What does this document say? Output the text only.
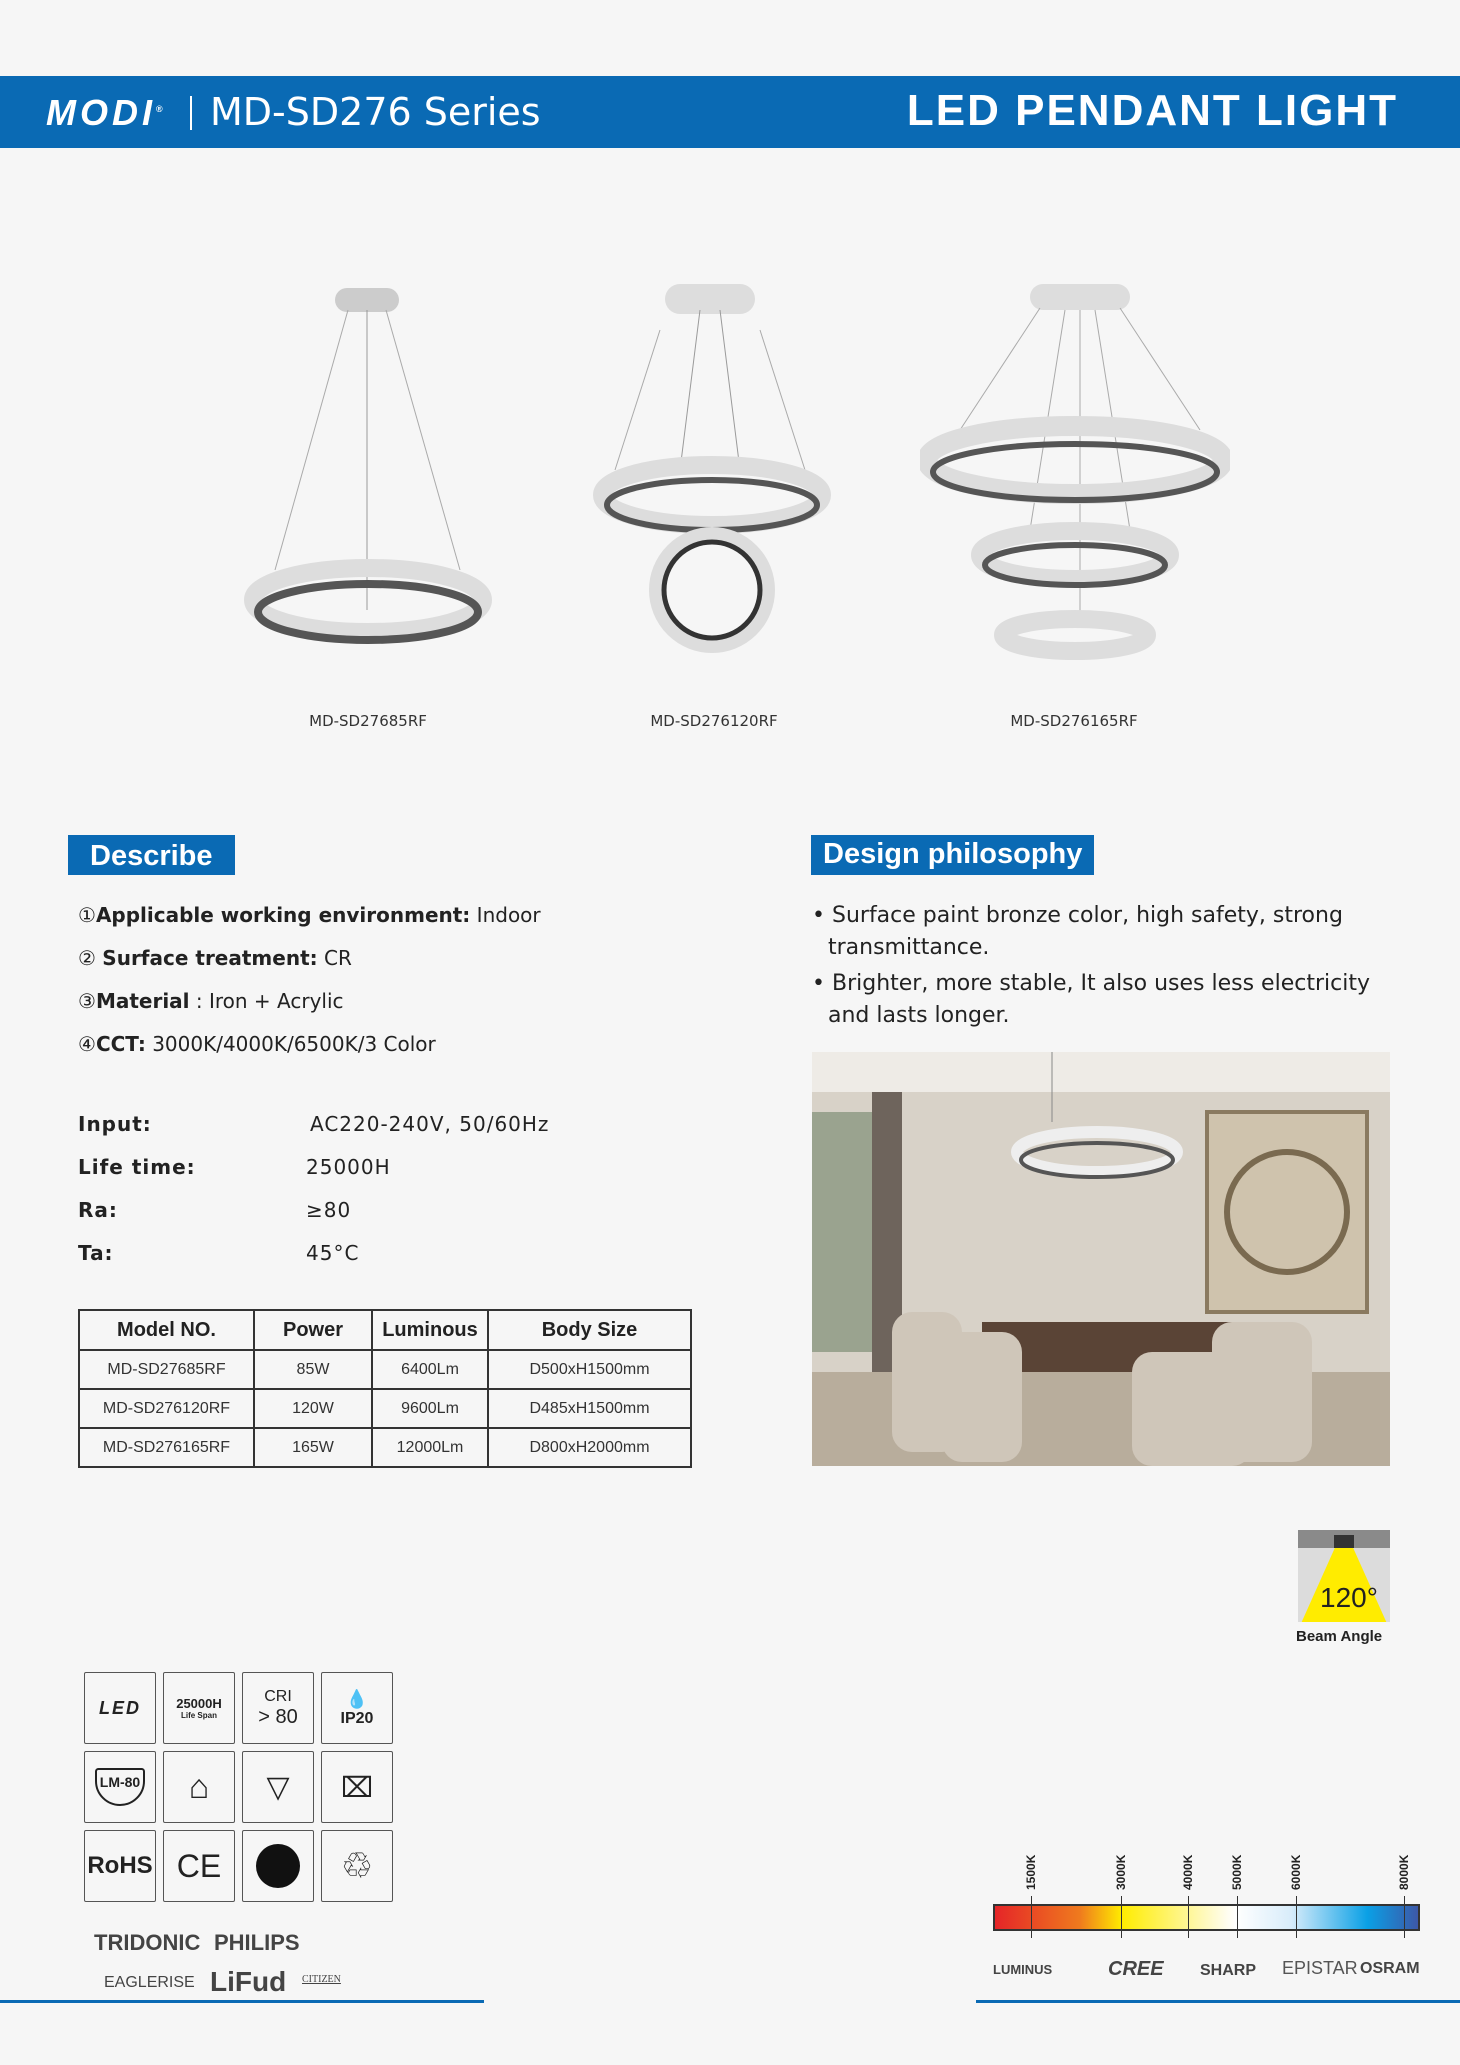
MODI® MD-SD276 Series	LED PENDANT LIGHT
MD-SD27685RF	MD-SD276120RF	MD-SD276165RF
Describe	Design philosophy
①Applicable working environment: Indoor
② Surface treatment: CR
③Material : Iron + Acrylic
④CCT: 3000K/4000K/6500K/3 Color
Input:	AC220-240V, 50/60Hz
Life time:	25000H
Ra:	≥80
Ta:	45°C
Model NO.	Power	Luminous	Body Size
MD-SD27685RF	85W	6400Lm	D500xH1500mm
MD-SD276120RF	120W	9600Lm	D485xH1500mm
MD-SD276165RF	165W	12000Lm	D800xH2000mm
• Surface paint bronze color, high safety, strong transmittance.
• Brighter, more stable, It also uses less electricity and lasts longer.
120°
Beam Angle
LED	25000H
Life Span
CRI
> 80
💧
IP20
LM-80 ⌂ ▽ ⌧
RoHS CE	♲
TRIDONIC PHILIPS
EAGLERISE LiFud CITIZEN
1500K	3000K	4000K	5000K	6000K	8000K
LUMINUS	CREE SHARP EPISTAR OSRAM
